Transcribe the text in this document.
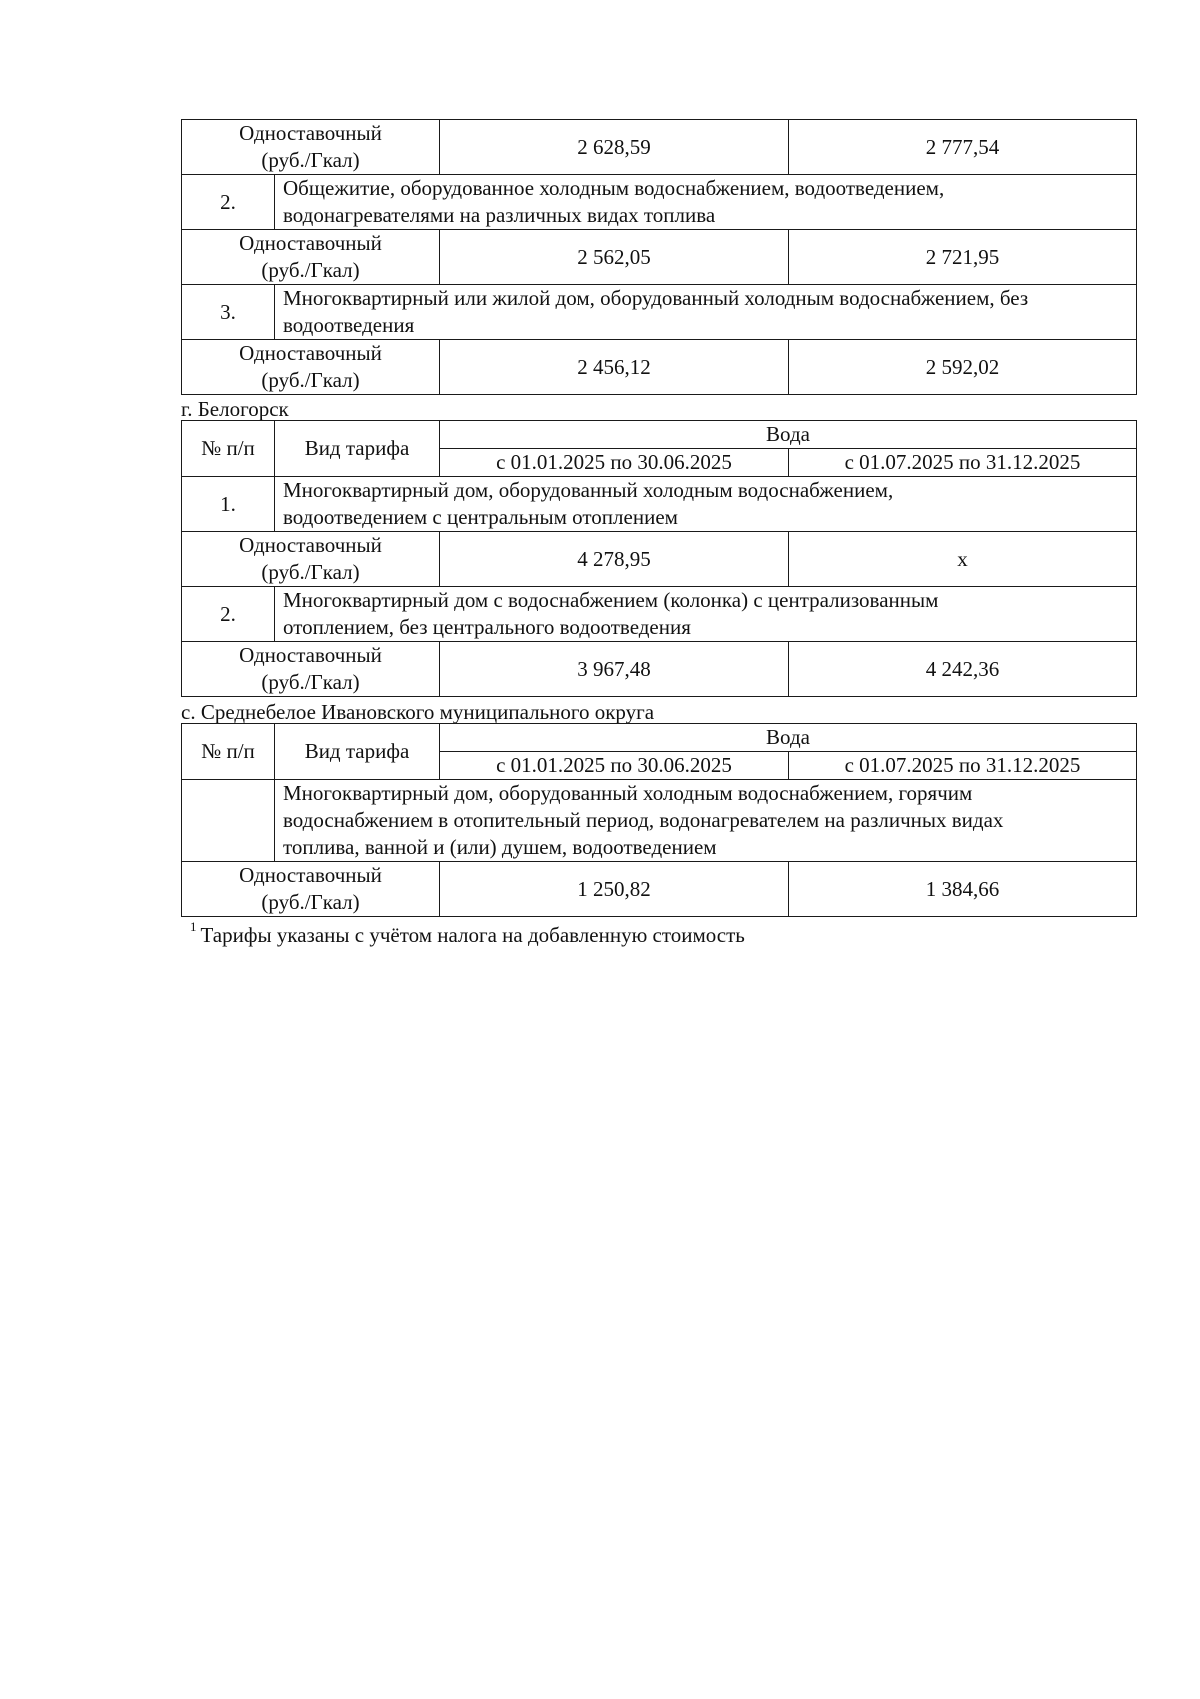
Одноставочный
(руб./Гкал)		2 628,59	2 777,54
2.	Общежитие, оборудованное холодным водоснабжением, водоотведением,
водонагревателями на различных видах топлива		
Одноставочный
(руб./Гкал)		2 562,05	2 721,95
3.	Многоквартирный или жилой дом, оборудованный холодным водоснабжением, без
водоотведения		
Одноставочный
(руб./Гкал)		2 456,12	2 592,02
г. Белогорск
№ п/п	Вид тарифа	Вода	
		с 01.01.2025 по 30.06.2025	с 01.07.2025 по 31.12.2025
1.	Многоквартирный дом, оборудованный холодным водоснабжением,
водоотведением с центральным отоплением		
Одноставочный
(руб./Гкал)		4 278,95	x
2.	Многоквартирный дом с водоснабжением (колонка) с централизованным
отоплением, без центрального водоотведения		
Одноставочный
(руб./Гкал)		3 967,48	4 242,36
с. Среднебелое Ивановского муниципального округа
№ п/п	Вид тарифа	Вода	
		с 01.01.2025 по 30.06.2025	с 01.07.2025 по 31.12.2025
	Многоквартирный дом, оборудованный холодным водоснабжением, горячим
водоснабжением в отопительный период, водонагревателем на различных видах
топлива, ванной и (или) душем, водоотведением		
Одноставочный
(руб./Гкал)		1 250,82	1 384,66
$^1$ Тарифы указаны с учётом налога на добавленную стоимость
